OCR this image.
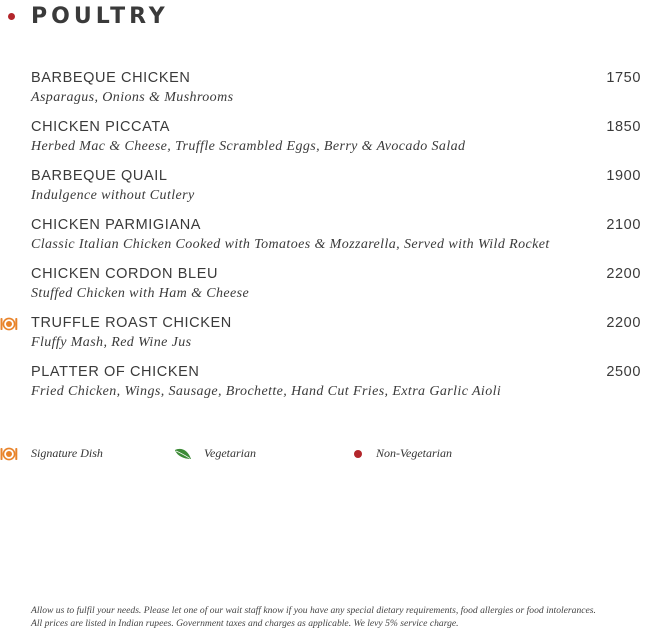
POULTRY
BARBEQUE CHICKEN	1750
Asparagus, Onions & Mushrooms
CHICKEN PICCATA	1850
Herbed Mac & Cheese, Truffle Scrambled Eggs, Berry & Avocado Salad
BARBEQUE QUAIL	1900
Indulgence without Cutlery
CHICKEN PARMIGIANA	2100
Classic Italian Chicken Cooked with Tomatoes & Mozzarella, Served with Wild Rocket
CHICKEN CORDON BLEU	2200
Stuffed Chicken with Ham & Cheese
TRUFFLE ROAST CHICKEN	2200
Fluffy Mash, Red Wine Jus
PLATTER OF CHICKEN	2500
Fried Chicken, Wings, Sausage, Brochette, Hand Cut Fries, Extra Garlic Aioli
Signature Dish	Vegetarian	Non-Vegetarian
Allow us to fulfil your needs. Please let one of our wait staff know if you have any special dietary requirements, food allergies or food intolerances.
All prices are listed in Indian rupees. Government taxes and charges as applicable. We levy 5% service charge.
